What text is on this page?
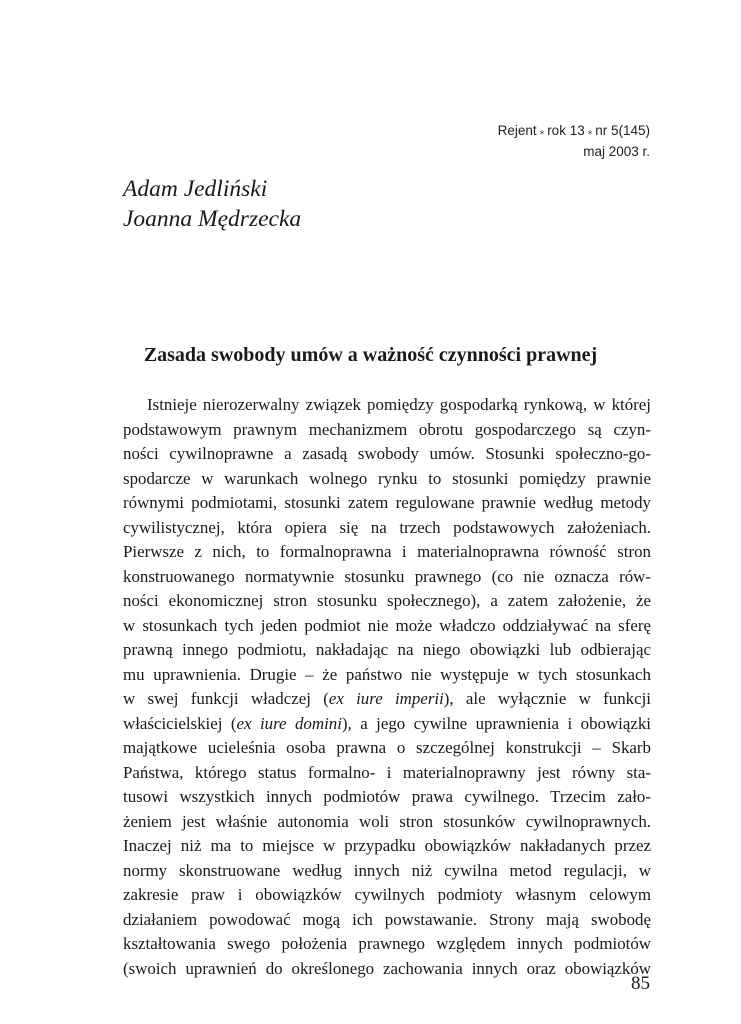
Rejent ⁎ rok 13 ⁎ nr 5(145)
maj 2003 r.
Adam Jedliński
Joanna Mędrzecka
Zasada swobody umów a ważność czynności prawnej
Istnieje nierozerwalny związek pomiędzy gospodarką rynkową, w której
podstawowym prawnym mechanizmem obrotu gospodarczego są czyn-
ności cywilnoprawne a zasadą swobody umów. Stosunki społeczno-go-
spodarcze w warunkach wolnego rynku to stosunki pomiędzy prawnie
równymi podmiotami, stosunki zatem regulowane prawnie według metody
cywilistycznej, która opiera się na trzech podstawowych założeniach.
Pierwsze z nich, to formalnoprawna i materialnoprawna równość stron
konstruowanego normatywnie stosunku prawnego (co nie oznacza rów-
ności ekonomicznej stron stosunku społecznego), a zatem założenie, że
w stosunkach tych jeden podmiot nie może władczo oddziaływać na sferę
prawną innego podmiotu, nakładając na niego obowiązki lub odbierając
mu uprawnienia. Drugie – że państwo nie występuje w tych stosunkach
w swej funkcji władczej (ex iure imperii), ale wyłącznie w funkcji
właścicielskiej (ex iure domini), a jego cywilne uprawnienia i obowiązki
majątkowe ucieleśnia osoba prawna o szczególnej konstrukcji – Skarb
Państwa, którego status formalno- i materialnoprawny jest równy sta-
tusowi wszystkich innych podmiotów prawa cywilnego. Trzecim zało-
żeniem jest właśnie autonomia woli stron stosunków cywilnoprawnych.
Inaczej niż ma to miejsce w przypadku obowiązków nakładanych przez
normy skonstruowane według innych niż cywilna metod regulacji, w
zakresie praw i obowiązków cywilnych podmioty własnym celowym
działaniem powodować mogą ich powstawanie. Strony mają swobodę
kształtowania swego położenia prawnego względem innych podmiotów
(swoich uprawnień do określonego zachowania innych oraz obowiązków
85
